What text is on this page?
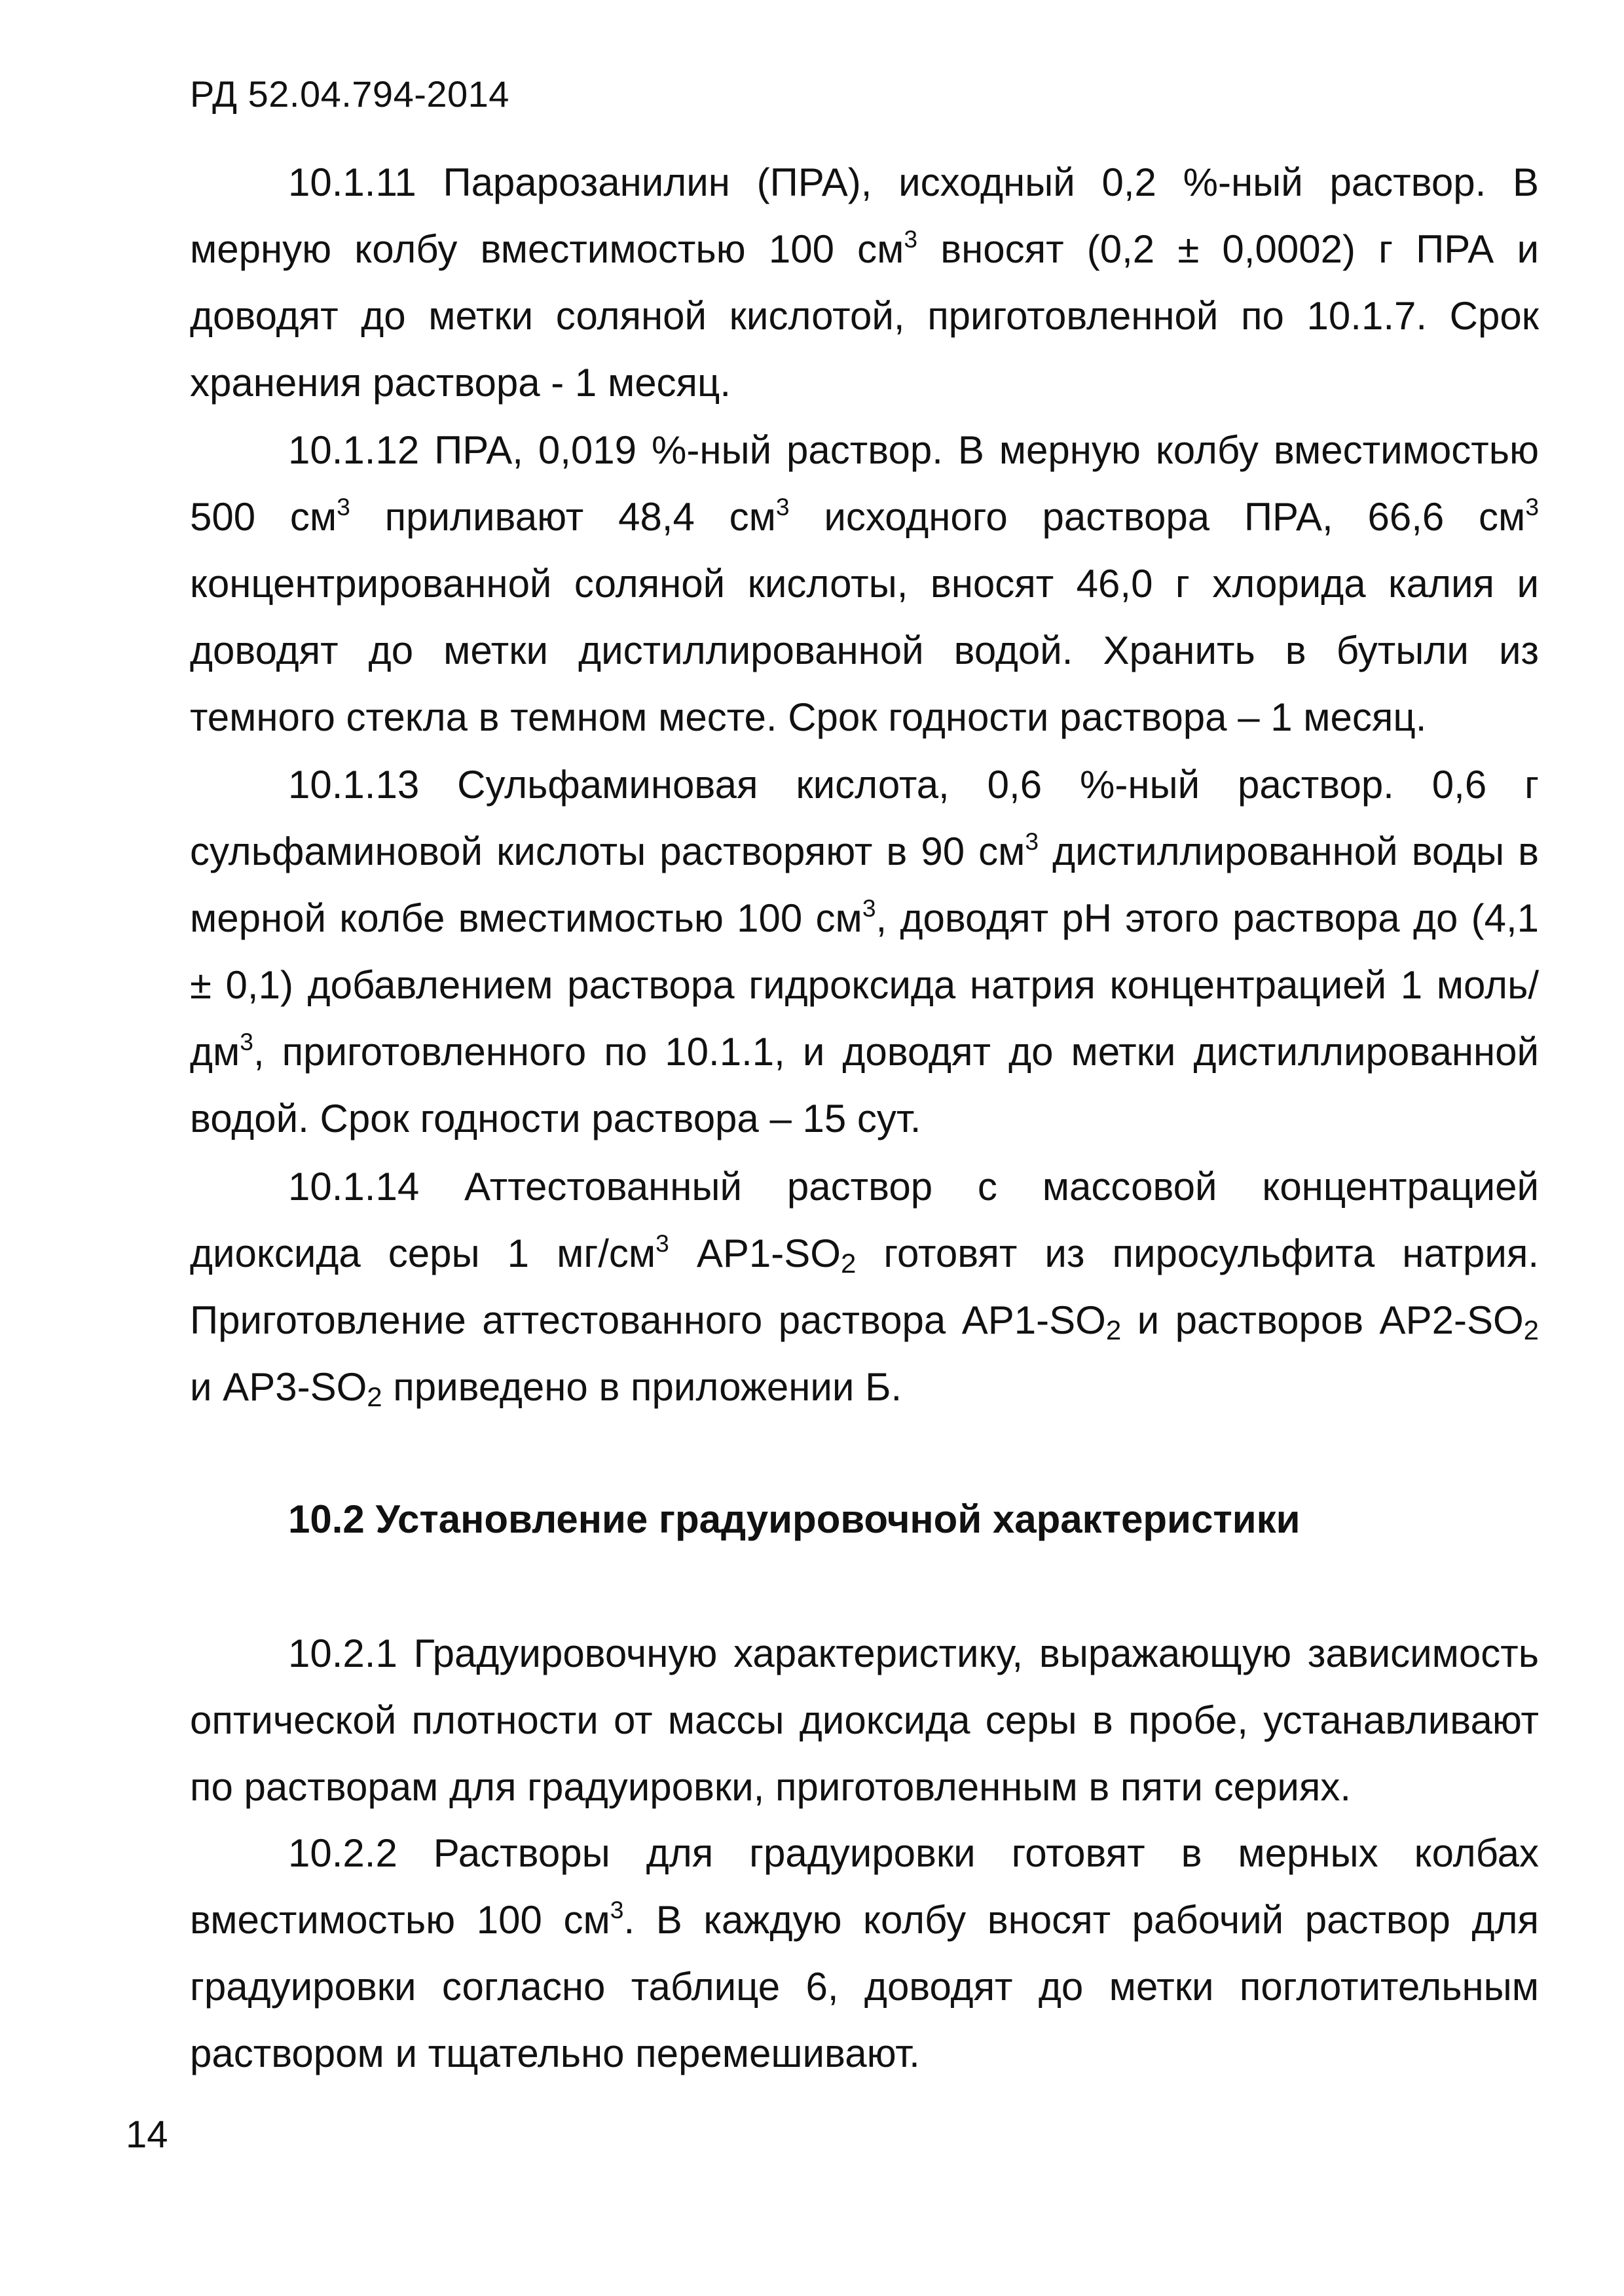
РД 52.04.794-2014

10.1.11 Парарозанилин (ПРА), исходный 0,2 %-ный раствор. В мерную колбу вместимостью 100 $см^3$ вносят (0,2 ± 0,0002) г ПРА и доводят до метки соляной кислотой, приготовленной по 10.1.7. Срок хранения раствора - 1 месяц.

10.1.12 ПРА, 0,019 %-ный раствор. В мерную колбу вместимостью 500 $см^3$ приливают 48,4 $см^3$ исходного раствора ПРА, 66,6 $см^3$ концентрированной соляной кислоты, вносят 46,0 г хлорида калия и доводят до метки дистиллированной водой. Хранить в бутыли из темного стекла в темном месте. Срок годности раствора – 1 месяц.

10.1.13 Сульфаминовая кислота, 0,6 %-ный раствор. 0,6 г сульфаминовой кислоты растворяют в 90 $см^3$ дистиллированной воды в мерной колбе вместимостью 100 $см^3$, доводят pH этого раствора до (4,1 ± 0,1) добавлением раствора гидроксида натрия концентрацией 1 моль/$дм^3$, приготовленного по 10.1.1, и доводят до метки дистиллированной водой. Срок годности раствора – 15 сут.

10.1.14 Аттестованный раствор с массовой концентрацией диоксида серы 1 $мг/см^3$ $АР1-SO_2$ готовят из пиросульфита натрия. Приготовление аттестованного раствора $АР1-SO_2$ и растворов $АР2-SO_2$ и $АР3-SO_2$ приведено в приложении Б.

10.2 Установление градуировочной характеристики

10.2.1 Градуировочную характеристику, выражающую зависимость оптической плотности от массы диоксида серы в пробе, устанавливают по растворам для градуировки, приготовленным в пяти сериях.

10.2.2 Растворы для градуировки готовят в мерных колбах вместимостью 100 $см^3$. В каждую колбу вносят рабочий раствор для градуировки согласно таблице 6, доводят до метки поглотительным раствором и тщательно перемешивают.

14
